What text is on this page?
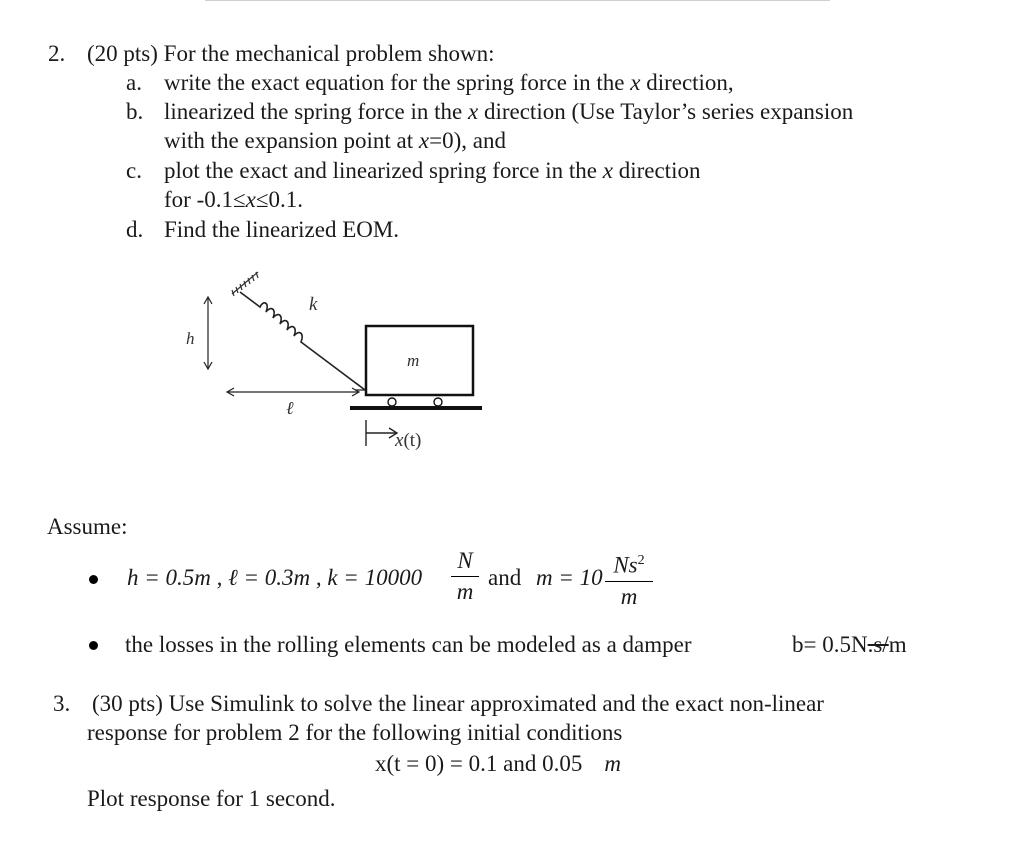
2. (20 pts) For the mechanical problem shown:
a. write the exact equation for the spring force in the x direction,
b. linearized the spring force in the x direction (Use Taylor’s series expansion
with the expansion point at x=0), and
c. plot the exact and linearized spring force in the x direction
for -0.1≤x≤0.1.
d. Find the linearized EOM.
h
k
m
ℓ
x(t)
Assume:
h = 0.5m , ℓ = 0.3m , k = 10000
N
m
and m = 10 Ns$^2$
m
the losses in the rolling elements can be modeled as a damper	b= 0.5N.s/m
3. (30 pts) Use Simulink to solve the linear approximated and the exact non-linear
response for problem 2 for the following initial conditions
x(t = 0) = 0.1 and 0.05 m
Plot response for 1 second.
